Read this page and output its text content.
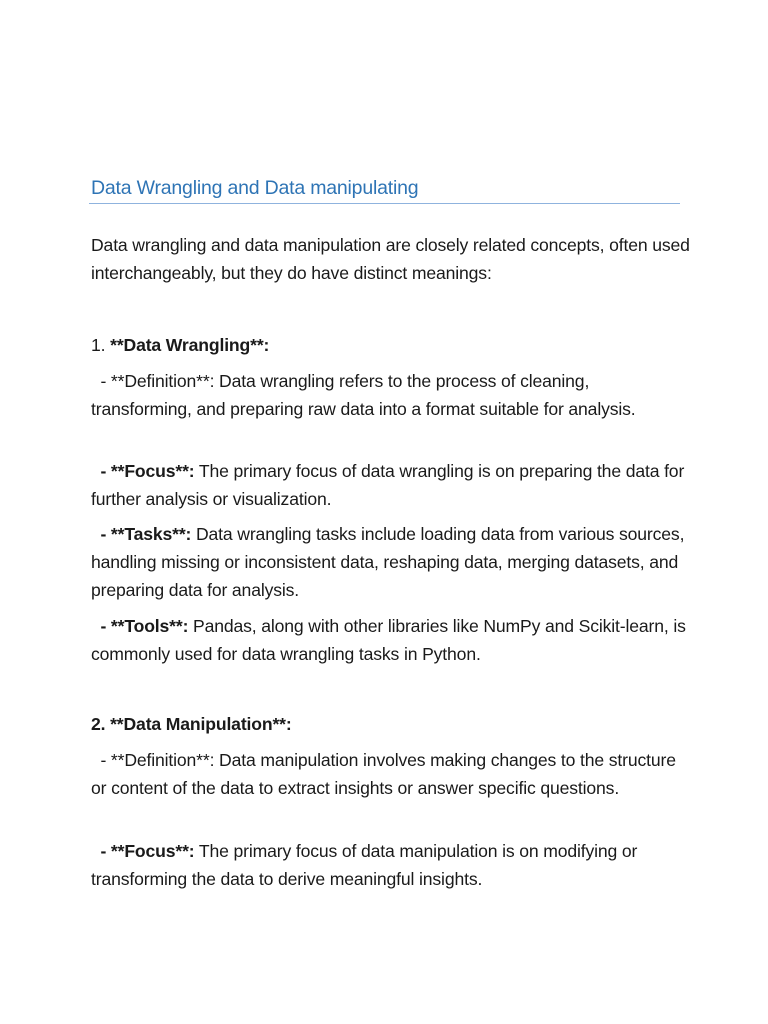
Data Wrangling and Data manipulating
Data wrangling and data manipulation are closely related concepts, often used interchangeably, but they do have distinct meanings:
1. **Data Wrangling**:
- **Definition**: Data wrangling refers to the process of cleaning, transforming, and preparing raw data into a format suitable for analysis.
- **Focus**: The primary focus of data wrangling is on preparing the data for further analysis or visualization.
- **Tasks**: Data wrangling tasks include loading data from various sources, handling missing or inconsistent data, reshaping data, merging datasets, and preparing data for analysis.
- **Tools**: Pandas, along with other libraries like NumPy and Scikit-learn, is commonly used for data wrangling tasks in Python.
2. **Data Manipulation**:
- **Definition**: Data manipulation involves making changes to the structure or content of the data to extract insights or answer specific questions.
- **Focus**: The primary focus of data manipulation is on modifying or transforming the data to derive meaningful insights.
